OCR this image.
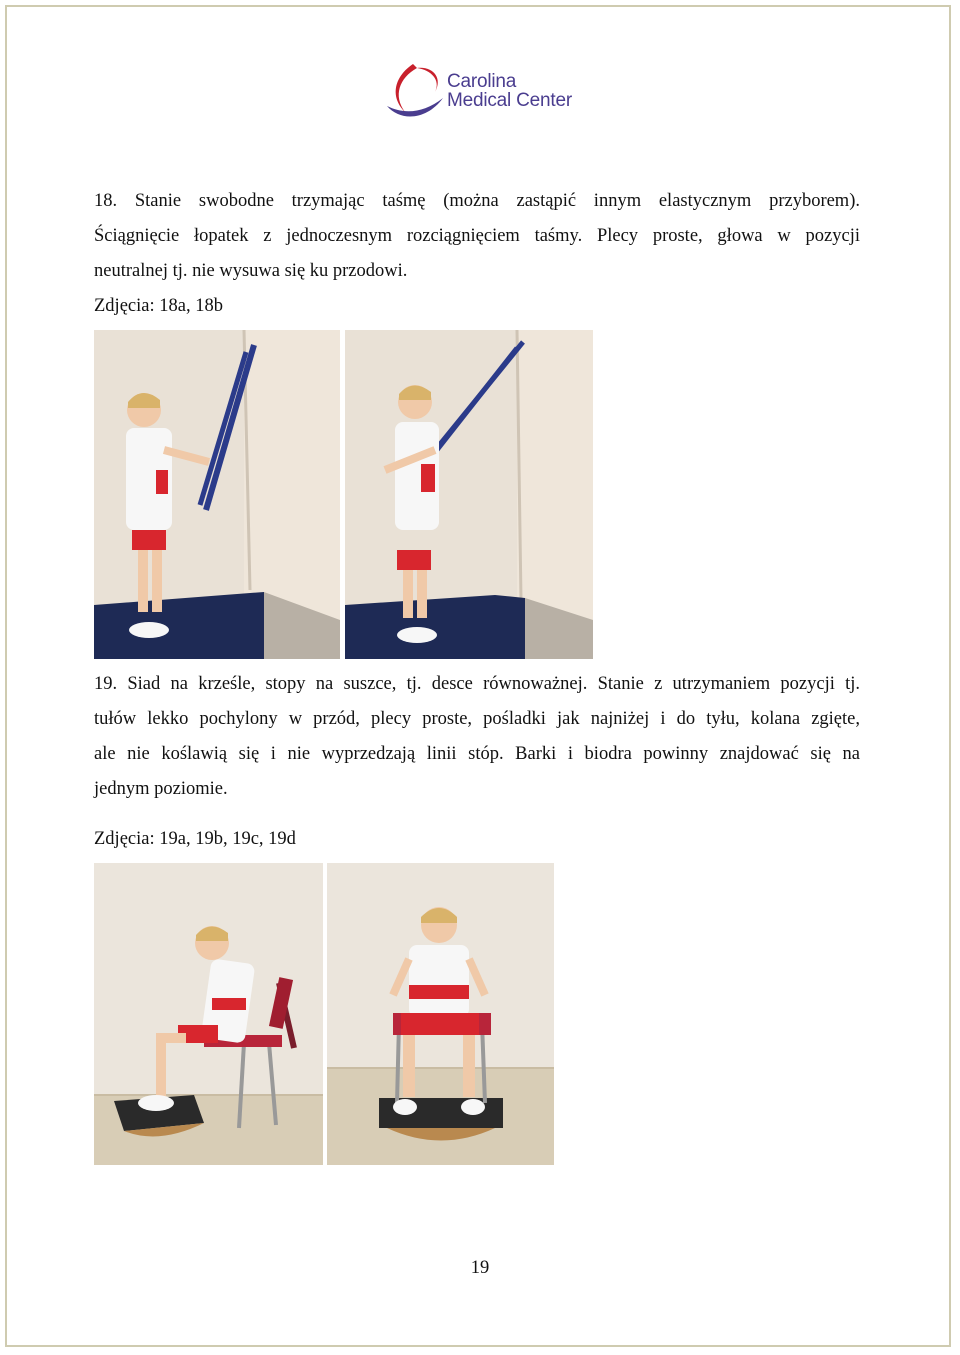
Carolina
Medical Center
18. Stanie swobodne trzymając taśmę (można zastąpić innym elastycznym przyborem).
Ściągnięcie łopatek z jednoczesnym rozciągnięciem taśmy. Plecy proste, głowa w pozycji
neutralnej tj. nie wysuwa się ku przodowi.
Zdjęcia: 18a, 18b
19. Siad na krześle, stopy na suszce, tj. desce równoważnej. Stanie z utrzymaniem pozycji tj.
tułów lekko pochylony w przód, plecy proste, pośladki jak najniżej i do tyłu, kolana zgięte,
ale nie koślawią się i nie wyprzedzają linii stóp. Barki i biodra powinny znajdować się na
jednym poziomie.
Zdjęcia: 19a, 19b, 19c, 19d
19
